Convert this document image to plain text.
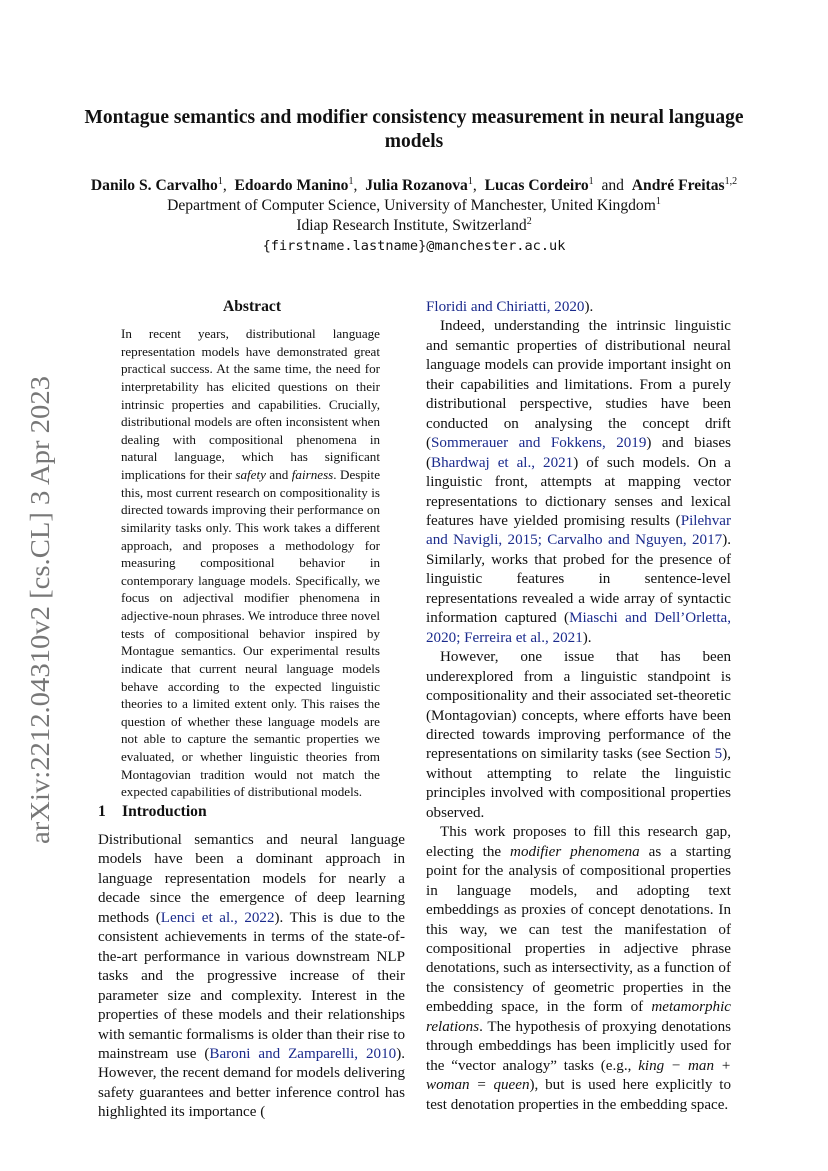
arXiv:2212.04310v2 [cs.CL] 3 Apr 2023
Montague semantics and modifier consistency measurement in neural language models
Danilo S. Carvalho$^1$, Edoardo Manino$^1$, Julia Rozanova$^1$, Lucas Cordeiro$^1$ and André Freitas$^{1,2}$
Department of Computer Science, University of Manchester, United Kingdom$^1$
Idiap Research Institute, Switzerland$^2$
{firstname.lastname}@manchester.ac.uk
Abstract
In recent years, distributional language representation models have demonstrated great practical success. At the same time, the need for interpretability has elicited questions on their intrinsic properties and capabilities. Crucially, distributional models are often inconsistent when dealing with compositional phenomena in natural language, which has significant implications for their safety and fairness. Despite this, most current research on compositionality is directed towards improving their performance on similarity tasks only. This work takes a different approach, and proposes a methodology for measuring compositional behavior in contemporary language models. Specifically, we focus on adjectival modifier phenomena in adjective-noun phrases. We introduce three novel tests of compositional behavior inspired by Montague semantics. Our experimental results indicate that current neural language models behave according to the expected linguistic theories to a limited extent only. This raises the question of whether these language models are not able to capture the semantic properties we evaluated, or whether linguistic theories from Montagovian tradition would not match the expected capabilities of distributional models.
1 Introduction

Distributional semantics and neural language models have been a dominant approach in language representation models for nearly a decade since the emergence of deep learning methods (Lenci et al., 2022). This is due to the consistent achievements in terms of the state-of-the-art performance in various downstream NLP tasks and the progressive increase of their parameter size and complexity. Interest in the properties of these models and their relationships with semantic formalisms is older than their rise to mainstream use (Baroni and Zamparelli, 2010). However, the recent demand for models delivering safety guarantees and better inference control has highlighted its importance (

Floridi and Chiriatti, 2020).

Indeed, understanding the intrinsic linguistic and semantic properties of distributional neural language models can provide important insight on their capabilities and limitations. From a purely distributional perspective, studies have been conducted on analysing the concept drift (Sommerauer and Fokkens, 2019) and biases (Bhardwaj et al., 2021) of such models. On a linguistic front, attempts at mapping vector representations to dictionary senses and lexical features have yielded promising results (Pilehvar and Navigli, 2015; Carvalho and Nguyen, 2017). Similarly, works that probed for the presence of linguistic features in sentence-level representations revealed a wide array of syntactic information captured (Miaschi and Dell’Orletta, 2020; Ferreira et al., 2021).

However, one issue that has been underexplored from a linguistic standpoint is compositionality and their associated set-theoretic (Montagovian) concepts, where efforts have been directed towards improving performance of the representations on similarity tasks (see Section 5), without attempting to relate the linguistic principles involved with compositional properties observed.

This work proposes to fill this research gap, electing the modifier phenomena as a starting point for the analysis of compositional properties in language models, and adopting text embeddings as proxies of concept denotations. In this way, we can test the manifestation of compositional properties in adjective phrase denotations, such as intersectivity, as a function of the consistency of geometric properties in the embedding space, in the form of metamorphic relations. The hypothesis of proxying denotations through embeddings has been implicitly used for the “vector analogy” tasks (e.g., king − man + woman = queen), but is used here explicitly to test denotation properties in the embedding space.
